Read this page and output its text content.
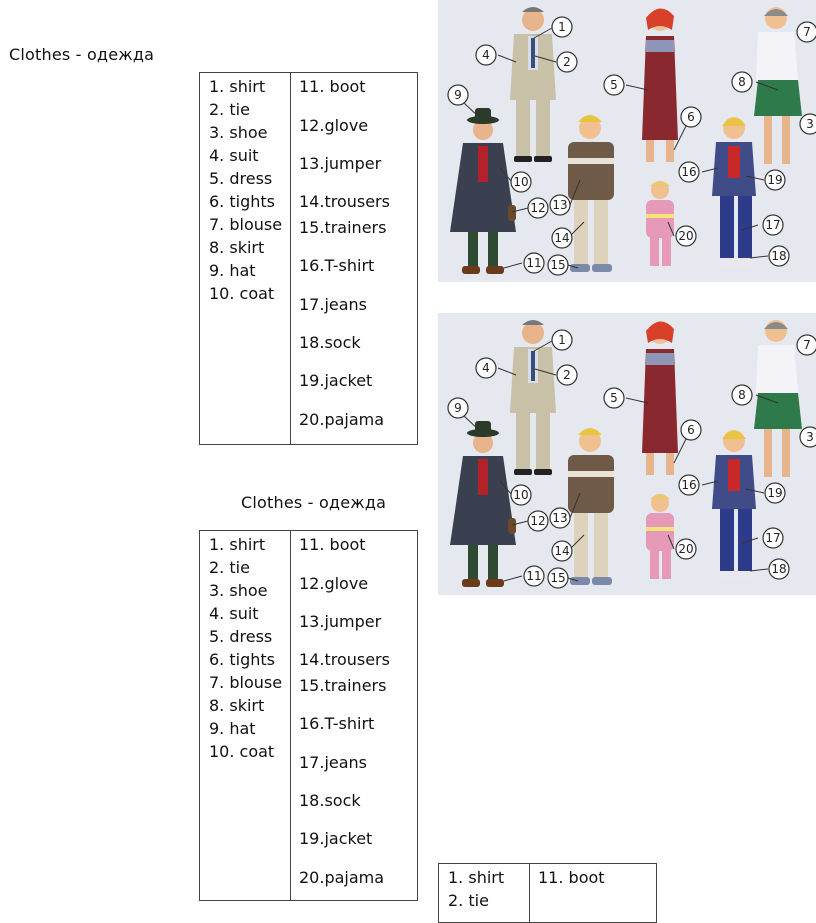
Clothes - одежда
1. shirt
2. tie
3. shoe
4. suit
5. dress
6. tights
7. blouse
8. skirt
9. hat
10. coat
11. boot
12.glove
13.jumper
14.trousers
15.trainers
16.T-shirt
17.jeans
18.sock
19.jacket
20.pajama
Clothes - одежда
1. shirt
2. tie
3. shoe
4. suit
5. dress
6. tights
7. blouse
8. skirt
9. hat
10. coat
11. boot
12.glove
13.jumper
14.trousers
15.trainers
16.T-shirt
17.jeans
18.sock
19.jacket
20.pajama	1. shirt
2. tie
11. boot
1
2
3
4
5
6
7
8
9
10
11
12 13
14
15
16
17
18
19
20
1
2
3
4
5
6
7
8
9
10
11
12 13
14
15
16
17
18
19
20
